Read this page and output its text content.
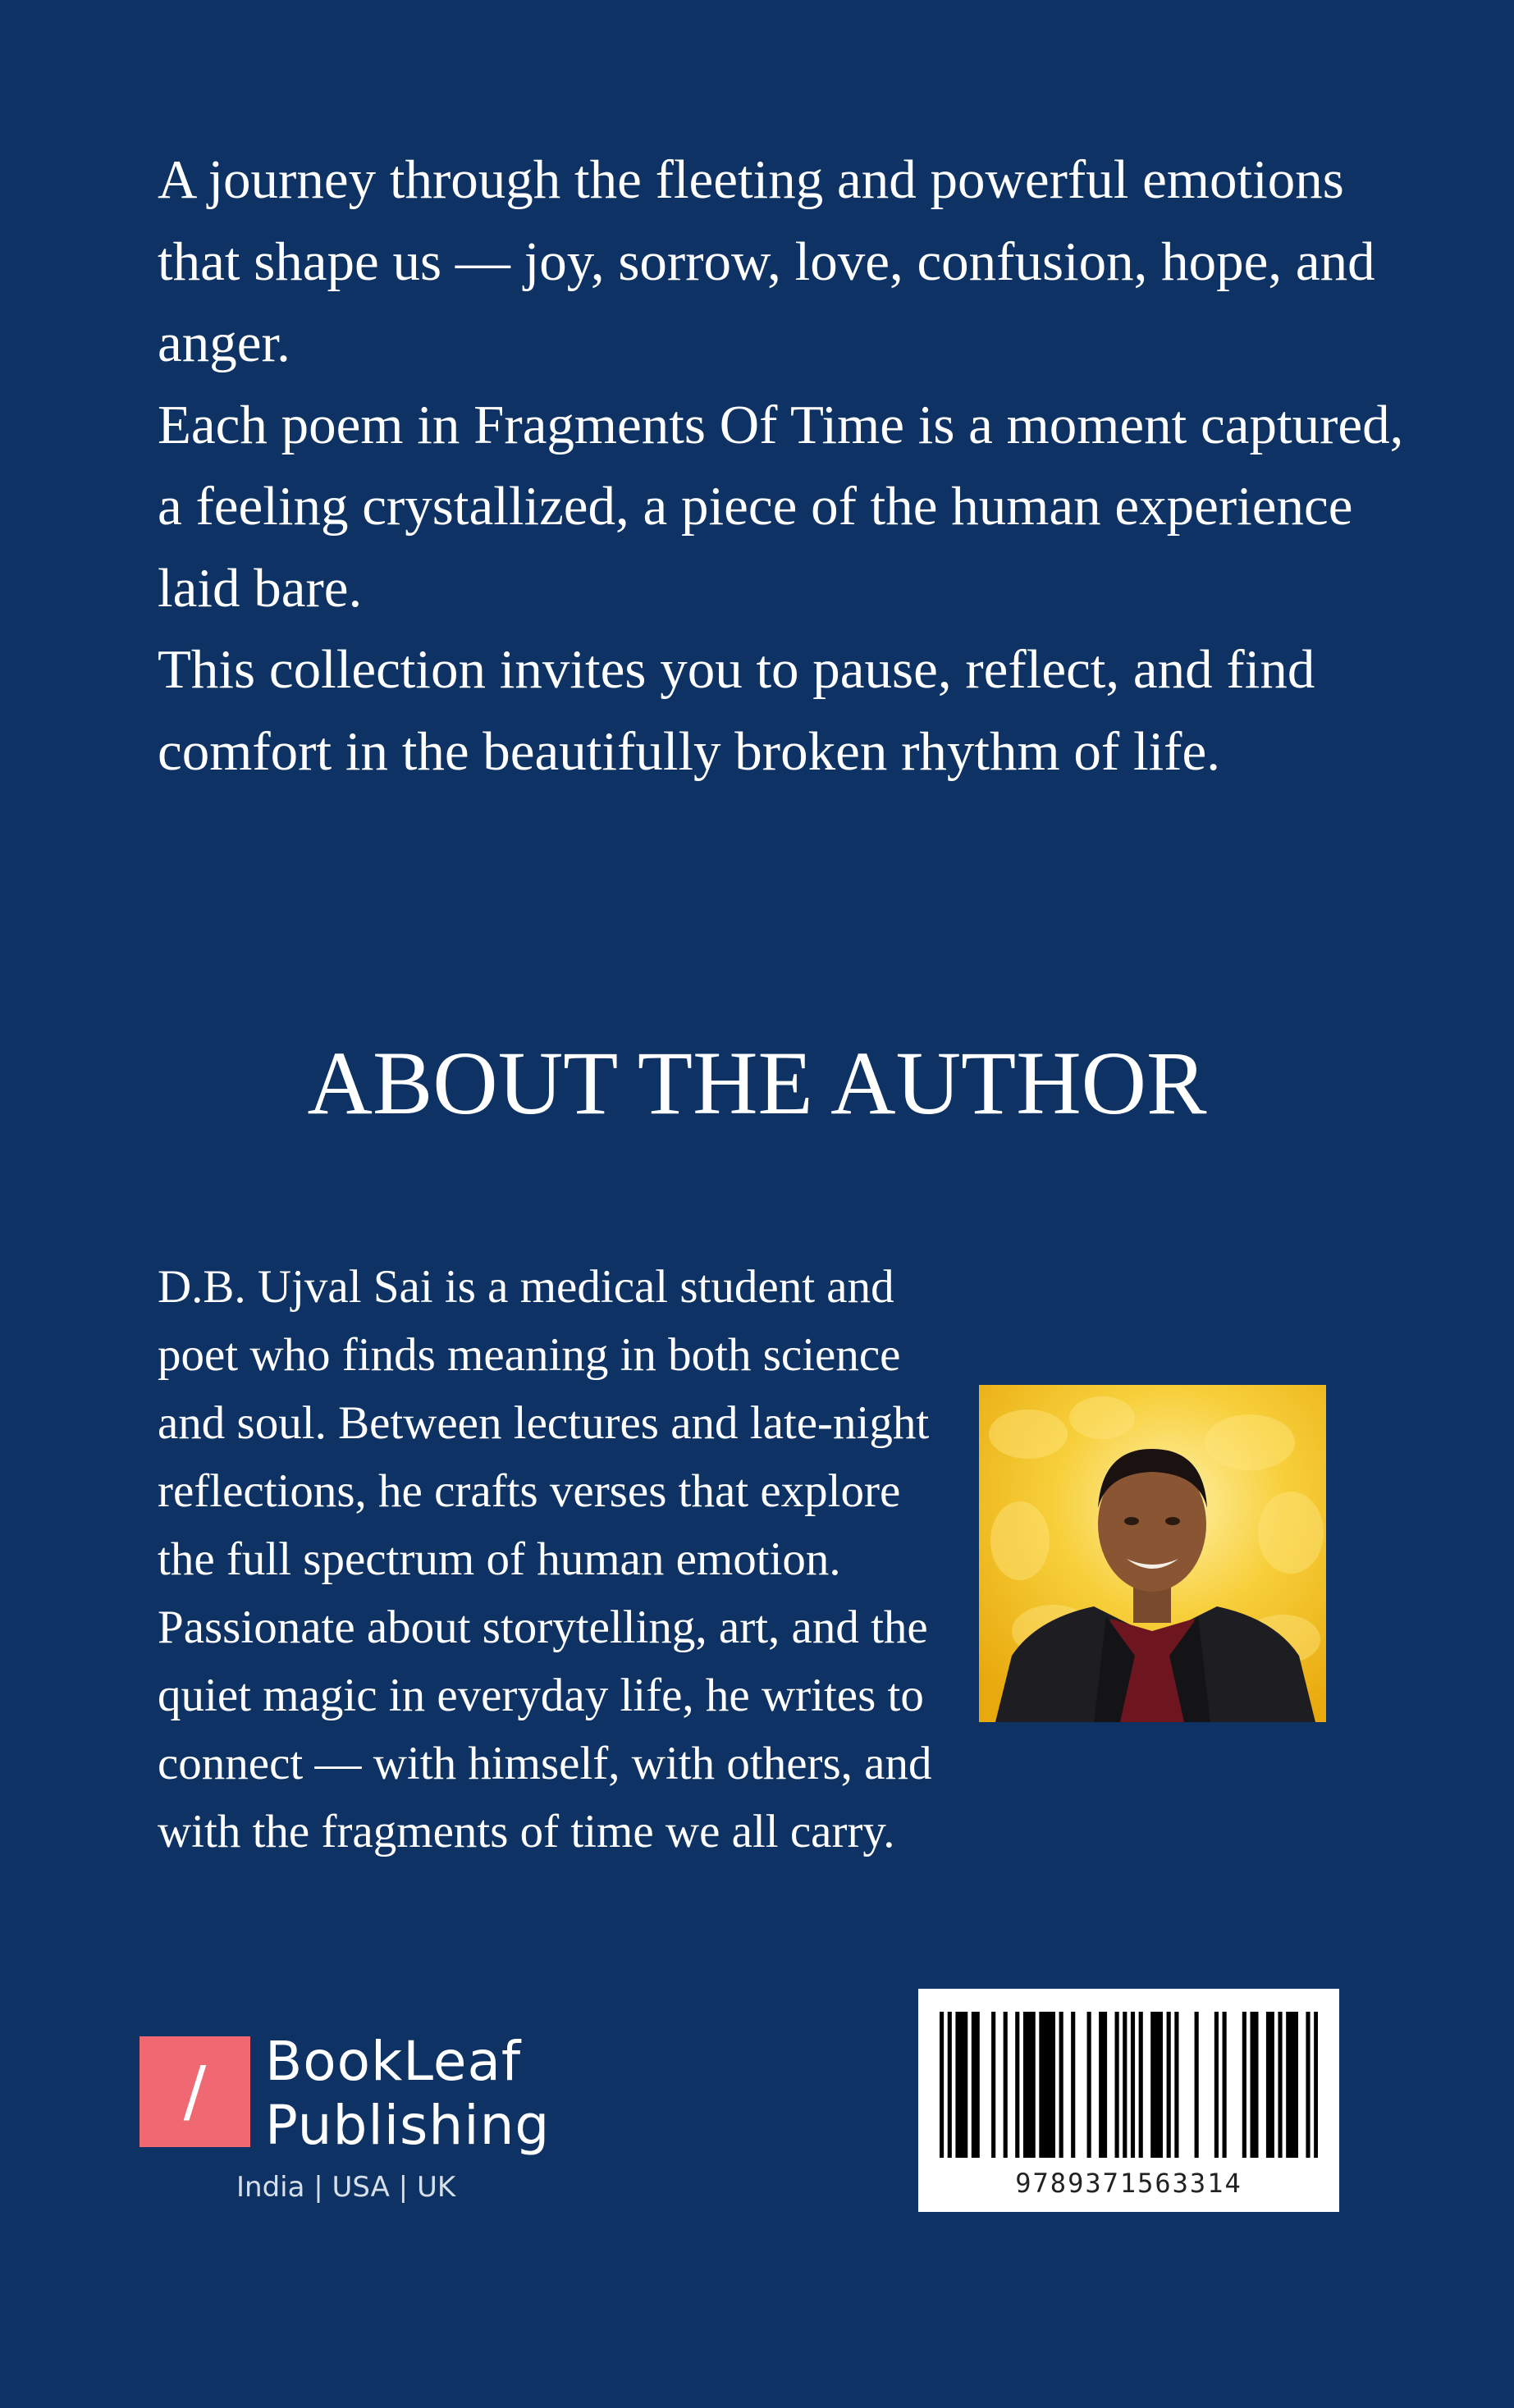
A journey through the fleeting and powerful emotions that shape us — joy, sorrow, love, confusion, hope, and anger.

Each poem in Fragments Of Time is a moment captured, a feeling crystallized, a piece of the human experience laid bare.

This collection invites you to pause, reflect, and find comfort in the beautifully broken rhythm of life.

ABOUT THE AUTHOR

D.B. Ujval Sai is a medical student and poet who finds meaning in both science and soul. Between lectures and late-night reflections, he crafts verses that explore the full spectrum of human emotion. Passionate about storytelling, art, and the quiet magic in everyday life, he writes to connect — with himself, with others, and with the fragments of time we all carry.

/	BookLeaf
Publishing
India | USA | UK	9789371563314
